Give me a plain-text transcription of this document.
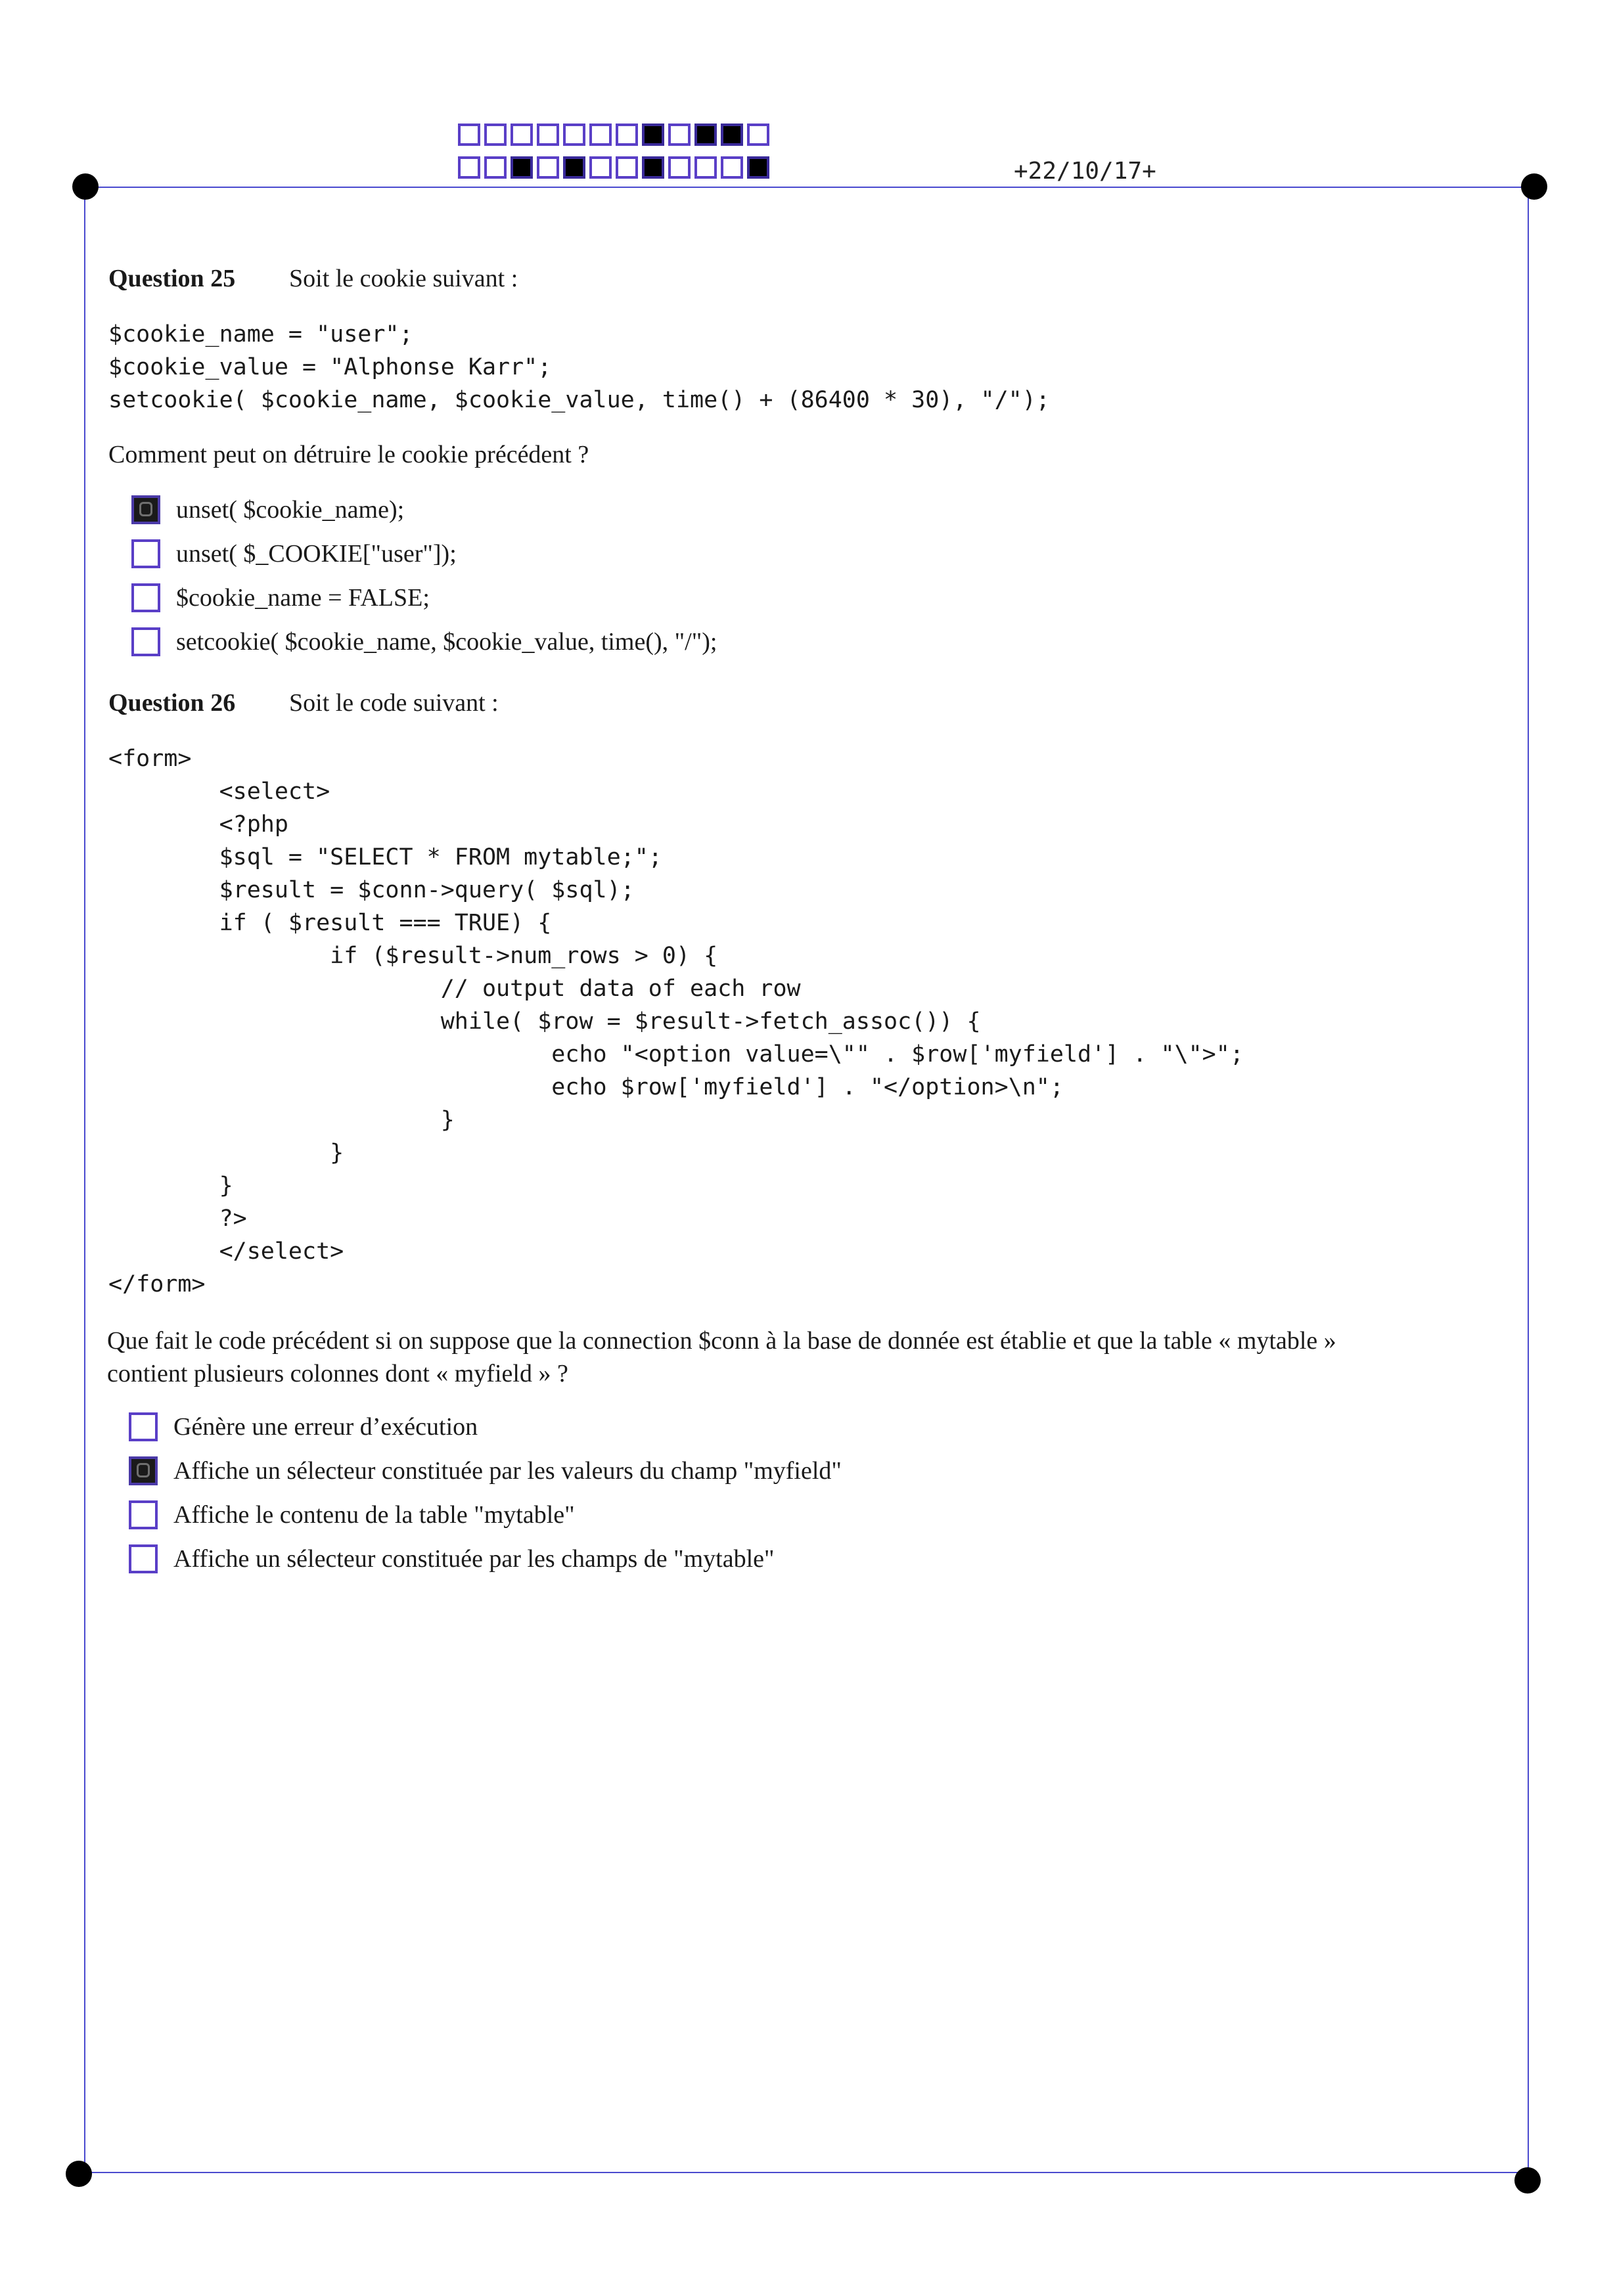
+22/10/17+
Question 25 Soit le cookie suivant :
$cookie_name = "user";
$cookie_value = "Alphonse Karr";
setcookie( $cookie_name, $cookie_value, time() + (86400 * 30), "/");
Comment peut on détruire le cookie précédent ?
unset( $cookie_name);
unset( $_COOKIE["user"]);
$cookie_name = FALSE;
setcookie( $cookie_name, $cookie_value, time(), "/");
Question 26 Soit le code suivant :
<form>
<select>
<?php
$sql = "SELECT * FROM mytable;";
$result = $conn->query( $sql);
if ( $result === TRUE) {
if ($result->num_rows > 0) {
// output data of each row
while( $row = $result->fetch_assoc()) {
echo "<option value=\"" . $row['myfield'] . "\">";
echo $row['myfield'] . "</option>\n";
}
}
}
?>
</select>
</form>
Que fait le code précédent si on suppose que la connection $conn à la base de donnée est établie et que la table « mytable »
contient plusieurs colonnes dont « myfield » ?
Génère une erreur d’exécution
Affiche un sélecteur constituée par les valeurs du champ "myfield"
Affiche le contenu de la table "mytable"
Affiche un sélecteur constituée par les champs de "mytable"
